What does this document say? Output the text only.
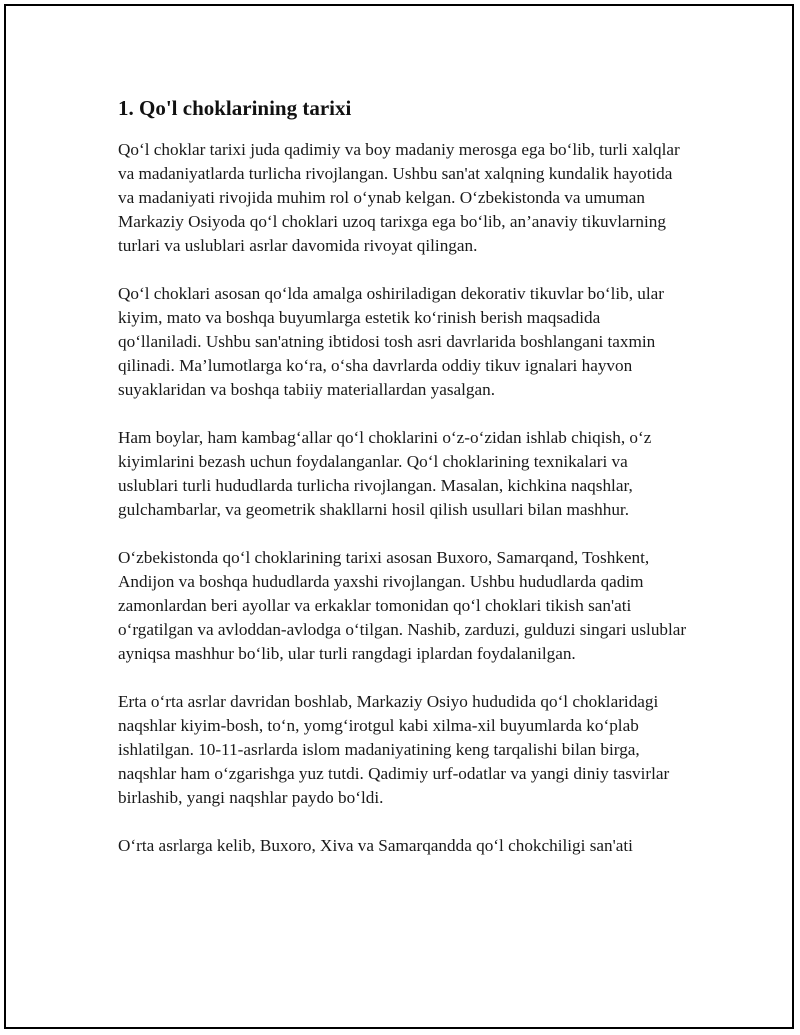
1. Qo'l choklarining tarixi

Qo‘l choklar tarixi juda qadimiy va boy madaniy merosga ega bo‘lib, turli xalqlar va madaniyatlarda turlicha rivojlangan. Ushbu san'at xalqning kundalik hayotida va madaniyati rivojida muhim rol o‘ynab kelgan. O‘zbekistonda va umuman Markaziy Osiyoda qo‘l choklari uzoq tarixga ega bo‘lib, an’anaviy tikuvlarning turlari va uslublari asrlar davomida rivoyat qilingan.

Qo‘l choklari asosan qo‘lda amalga oshiriladigan dekorativ tikuvlar bo‘lib, ular kiyim, mato va boshqa buyumlarga estetik ko‘rinish berish maqsadida qo‘llaniladi. Ushbu san'atning ibtidosi tosh asri davrlarida boshlangani taxmin qilinadi. Ma’lumotlarga ko‘ra, o‘sha davrlarda oddiy tikuv ignalari hayvon suyaklaridan va boshqa tabiiy materiallardan yasalgan.

Ham boylar, ham kambag‘allar qo‘l choklarini o‘z-o‘zidan ishlab chiqish, o‘z kiyimlarini bezash uchun foydalanganlar. Qo‘l choklarining texnikalari va uslublari turli hududlarda turlicha rivojlangan. Masalan, kichkina naqshlar, gulchambarlar, va geometrik shakllarni hosil qilish usullari bilan mashhur.

O‘zbekistonda qo‘l choklarining tarixi asosan Buxoro, Samarqand, Toshkent, Andijon va boshqa hududlarda yaxshi rivojlangan. Ushbu hududlarda qadim zamonlardan beri ayollar va erkaklar tomonidan qo‘l choklari tikish san'ati o‘rgatilgan va avloddan-avlodga o‘tilgan. Nashib, zarduzi, gulduzi singari uslublar ayniqsa mashhur bo‘lib, ular turli rangdagi iplardan foydalanilgan.

Erta o‘rta asrlar davridan boshlab, Markaziy Osiyo hududida qo‘l choklaridagi naqshlar kiyim-bosh, to‘n, yomg‘irotgul kabi xilma-xil buyumlarda ko‘plab ishlatilgan. 10-11-asrlarda islom madaniyatining keng tarqalishi bilan birga, naqshlar ham o‘zgarishga yuz tutdi. Qadimiy urf-odatlar va yangi diniy tasvirlar birlashib, yangi naqshlar paydo bo‘ldi.

O‘rta asrlarga kelib, Buxoro, Xiva va Samarqandda qo‘l chokchiligi san'ati
